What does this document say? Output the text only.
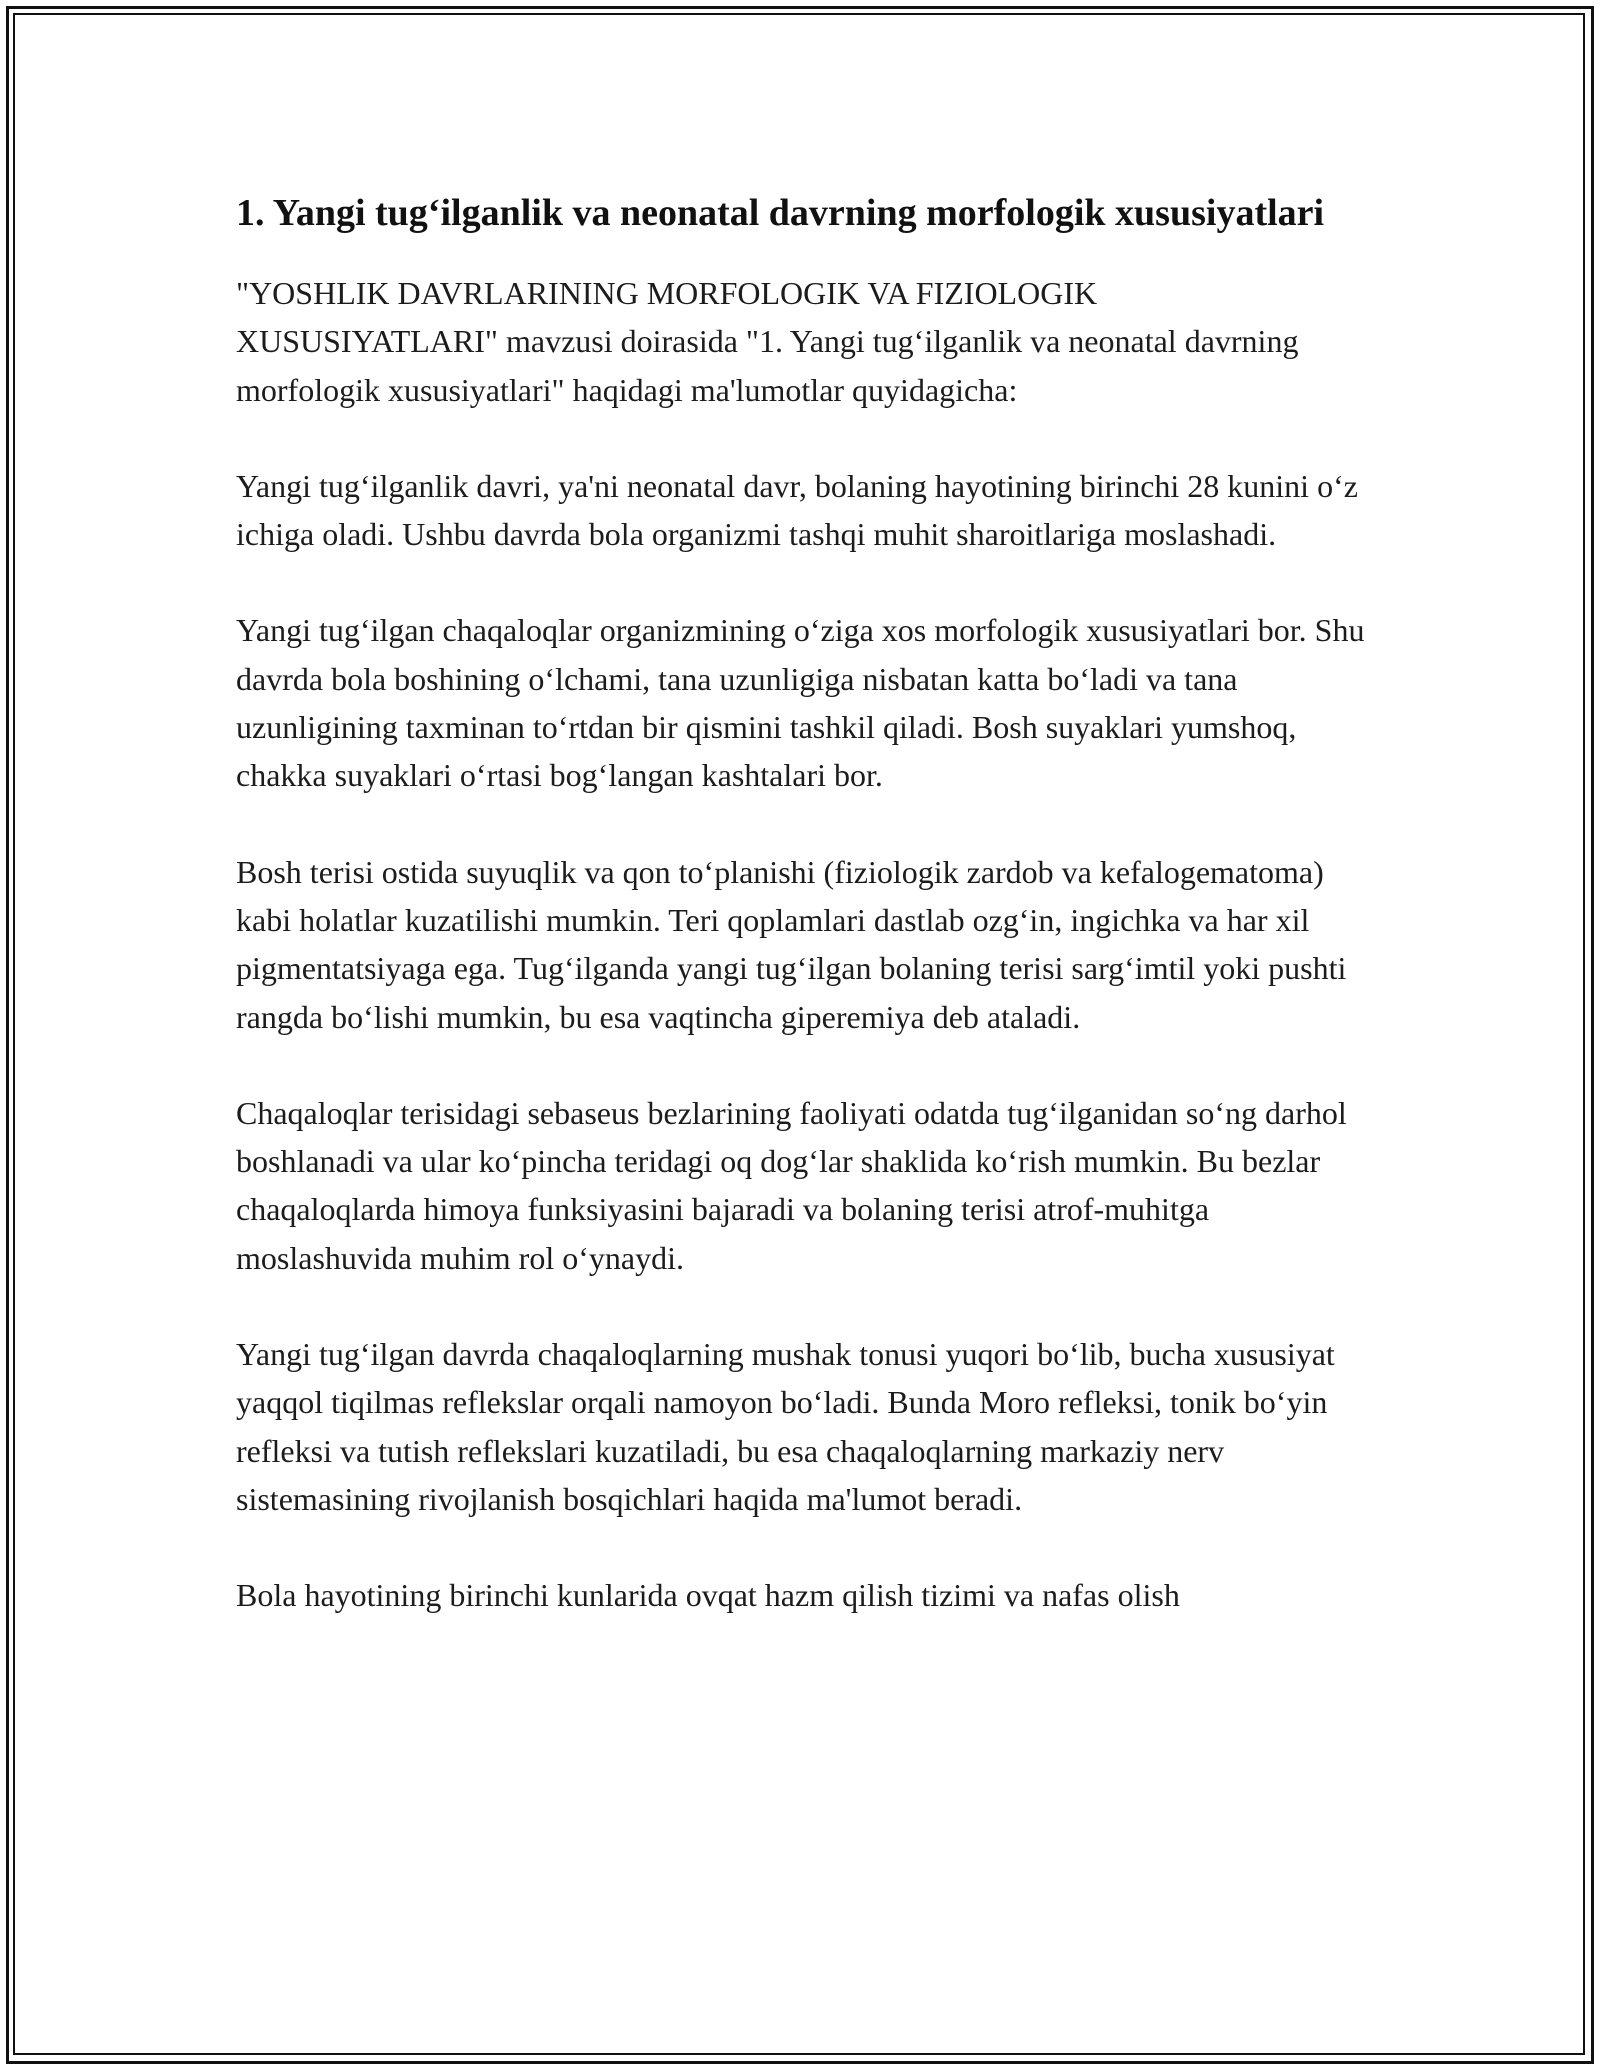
1. Yangi tug‘ilganlik va neonatal davrning morfologik xususiyatlari

"YOSHLIK DAVRLARINING MORFOLOGIK VA FIZIOLOGIK XUSUSIYATLARI" mavzusi doirasida "1. Yangi tug‘ilganlik va neonatal davrning morfologik xususiyatlari" haqidagi ma'lumotlar quyidagicha:

Yangi tug‘ilganlik davri, ya'ni neonatal davr, bolaning hayotining birinchi 28 kunini o‘z ichiga oladi. Ushbu davrda bola organizmi tashqi muhit sharoitlariga moslashadi.

Yangi tug‘ilgan chaqaloqlar organizmining o‘ziga xos morfologik xususiyatlari bor. Shu davrda bola boshining o‘lchami, tana uzunligiga nisbatan katta bo‘ladi va tana uzunligining taxminan to‘rtdan bir qismini tashkil qiladi. Bosh suyaklari yumshoq, chakka suyaklari o‘rtasi bog‘langan kashtalari bor.

Bosh terisi ostida suyuqlik va qon to‘planishi (fiziologik zardob va kefalogematoma) kabi holatlar kuzatilishi mumkin. Teri qoplamlari dastlab ozg‘in, ingichka va har xil pigmentatsiyaga ega. Tug‘ilganda yangi tug‘ilgan bolaning terisi sarg‘imtil yoki pushti rangda bo‘lishi mumkin, bu esa vaqtincha giperemiya deb ataladi.

Chaqaloqlar terisidagi sebaseus bezlarining faoliyati odatda tug‘ilganidan so‘ng darhol boshlanadi va ular ko‘pincha teridagi oq dog‘lar shaklida ko‘rish mumkin. Bu bezlar chaqaloqlarda himoya funksiyasini bajaradi va bolaning terisi atrof-muhitga moslashuvida muhim rol o‘ynaydi.

Yangi tug‘ilgan davrda chaqaloqlarning mushak tonusi yuqori bo‘lib, bucha xususiyat yaqqol tiqilmas reflekslar orqali namoyon bo‘ladi. Bunda Moro refleksi, tonik bo‘yin refleksi va tutish reflekslari kuzatiladi, bu esa chaqaloqlarning markaziy nerv sistemasining rivojlanish bosqichlari haqida ma'lumot beradi.

Bola hayotining birinchi kunlarida ovqat hazm qilish tizimi va nafas olish
